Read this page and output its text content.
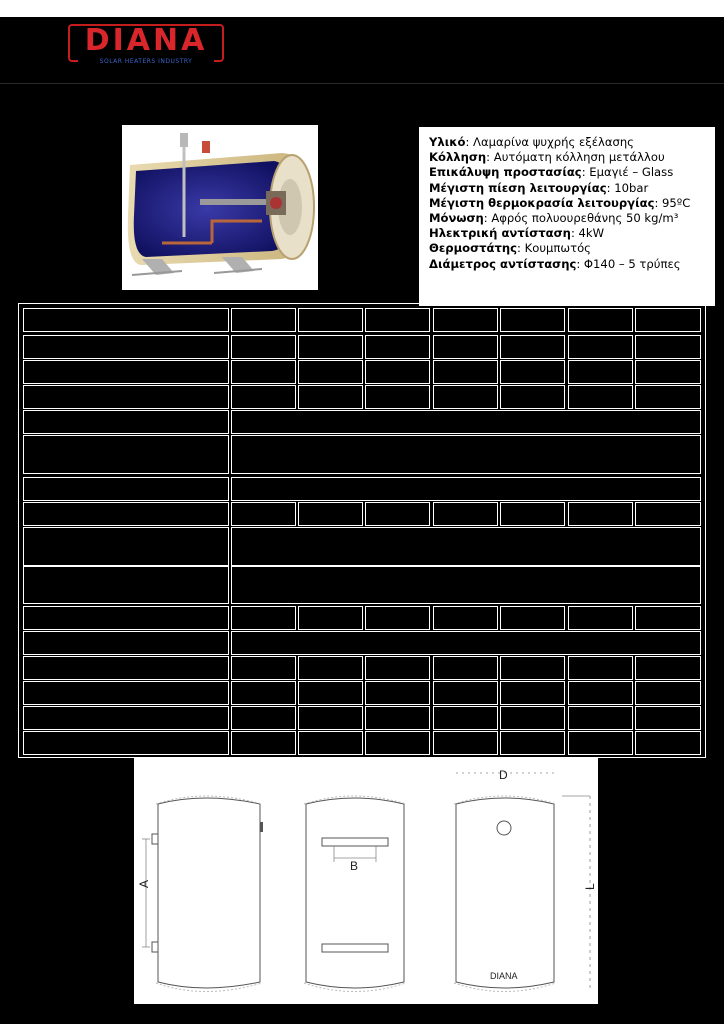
DIANA
SOLAR HEATERS INDUSTRY
Υλικό: Λαμαρίνα ψυχρής εξέλασης
Κόλληση: Αυτόματη κόλληση μετάλλου
Επικάλυψη προστασίας: Εμαγιέ – Glass
Μέγιστη πίεση λειτουργίας: 10bar
Μέγιστη θερμοκρασία λειτουργίας: 95ºC
Μόνωση: Αφρός πολυουρεθάνης 50 kg/m³
Ηλεκτρική αντίσταση: 4kW
Θερμοστάτης: Κουμπωτός
Διάμετρος αντίστασης: Φ140 – 5 τρύπες
A
B
DIANA
D
L
